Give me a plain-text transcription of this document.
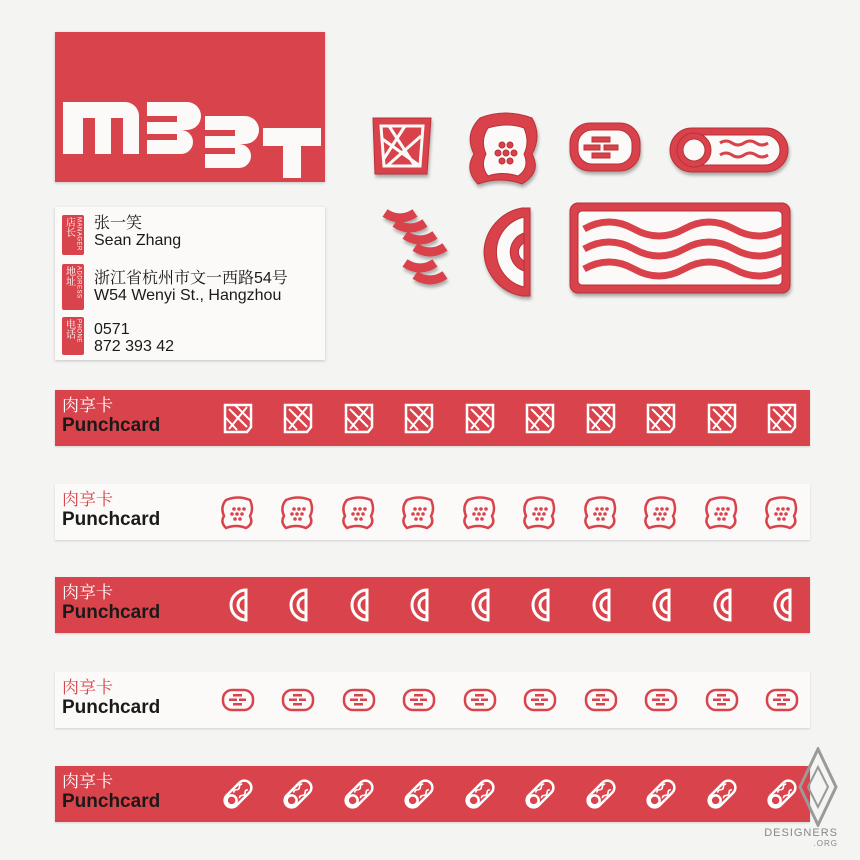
店长 MANAGER 张一笑
Sean Zhang
地址 ADDRESS 浙江省杭州市文一西路54号
W54 Wenyi St., Hangzhou
电话 PHONE 0571
872 393 42
肉享卡
Punchcard
肉享卡
Punchcard
肉享卡
Punchcard
肉享卡
Punchcard
肉享卡
Punchcard
DESIGNERS
.ORG
